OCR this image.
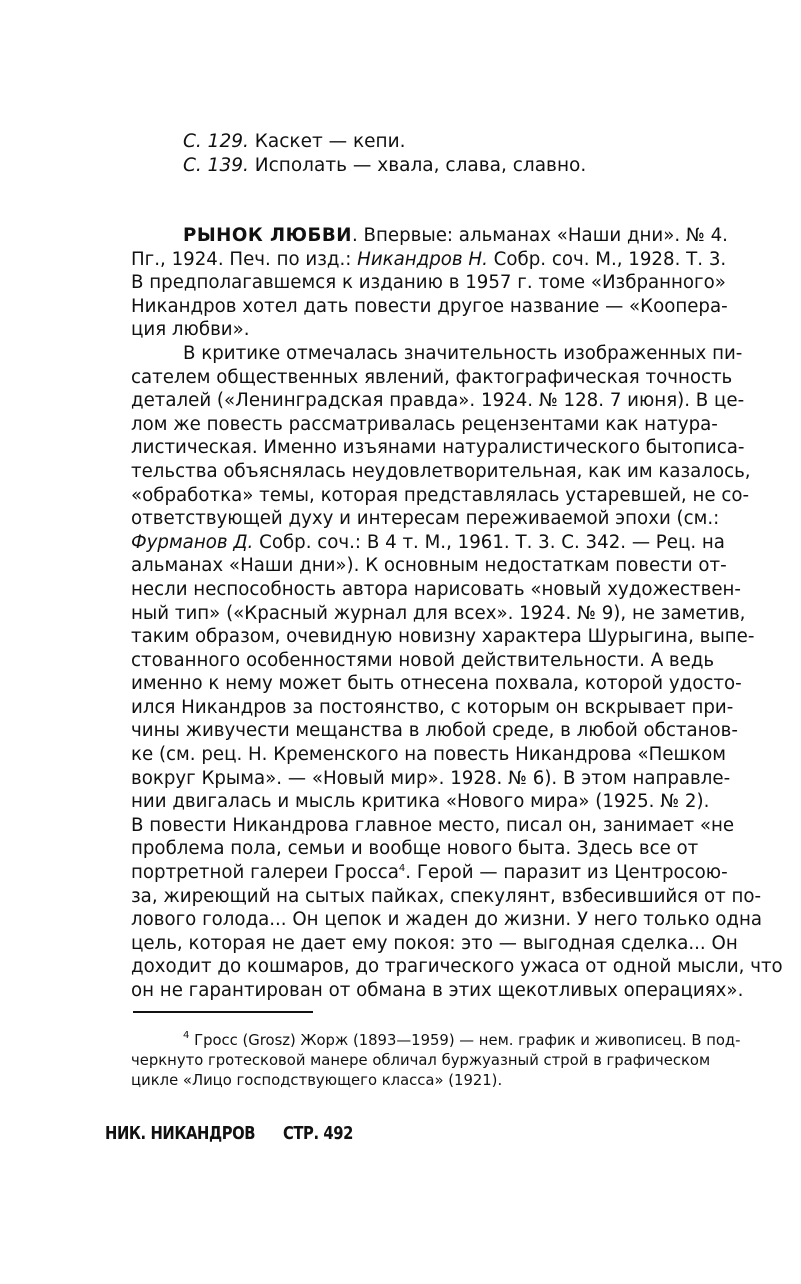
С. 129. Каскет — кепи.
С. 139. Исполать — хвала, слава, славно.
РЫНОК ЛЮБВИ. Впервые: альманах «Наши дни». № 4.
Пг., 1924. Печ. по изд.: Никандров Н. Собр. соч. М., 1928. Т. 3.
В предполагавшемся к изданию в 1957 г. томе «Избранного»
Никандров хотел дать повести другое название — «Коопера-
ция любви».
В критике отмечалась значительность изображенных пи-
сателем общественных явлений, фактографическая точность
деталей («Ленинградская правда». 1924. № 128. 7 июня). В це-
лом же повесть рассматривалась рецензентами как натура-
листическая. Именно изъянами натуралистического бытописа-
тельства объяснялась неудовлетворительная, как им казалось,
«обработка» темы, которая представлялась устаревшей, не со-
ответствующей духу и интересам переживаемой эпохи (см.:
Фурманов Д. Собр. соч.: В 4 т. М., 1961. Т. 3. С. 342. — Рец. на
альманах «Наши дни»). К основным недостаткам повести от-
несли неспособность автора нарисовать «новый художествен-
ный тип» («Красный журнал для всех». 1924. № 9), не заметив,
таким образом, очевидную новизну характера Шурыгина, выпе-
стованного особенностями новой действительности. А ведь
именно к нему может быть отнесена похвала, которой удосто-
ился Никандров за постоянство, с которым он вскрывает при-
чины живучести мещанства в любой среде, в любой обстанов-
ке (см. рец. Н. Кременского на повесть Никандрова «Пешком
вокруг Крыма». — «Новый мир». 1928. № 6). В этом направле-
нии двигалась и мысль критика «Нового мира» (1925. № 2).
В повести Никандрова главное место, писал он, занимает «не
проблема пола, семьи и вообще нового быта. Здесь все от
портретной галереи Гросса$^4$. Герой — паразит из Центросою-
за, жиреющий на сытых пайках, спекулянт, взбесившийся от по-
лового голода... Он цепок и жаден до жизни. У него только одна
цель, которая не дает ему покоя: это — выгодная сделка... Он
доходит до кошмаров, до трагического ужаса от одной мысли, что
он не гарантирован от обмана в этих щекотливых операциях».
$^4$ Гросс (Grosz) Жорж (1893—1959) — нем. график и живописец. В под-
черкнуто гротесковой манере обличал буржуазный строй в графическом
цикле «Лицо господствующего класса» (1921).
НИК. НИКАНДРОВ СТР. 492
